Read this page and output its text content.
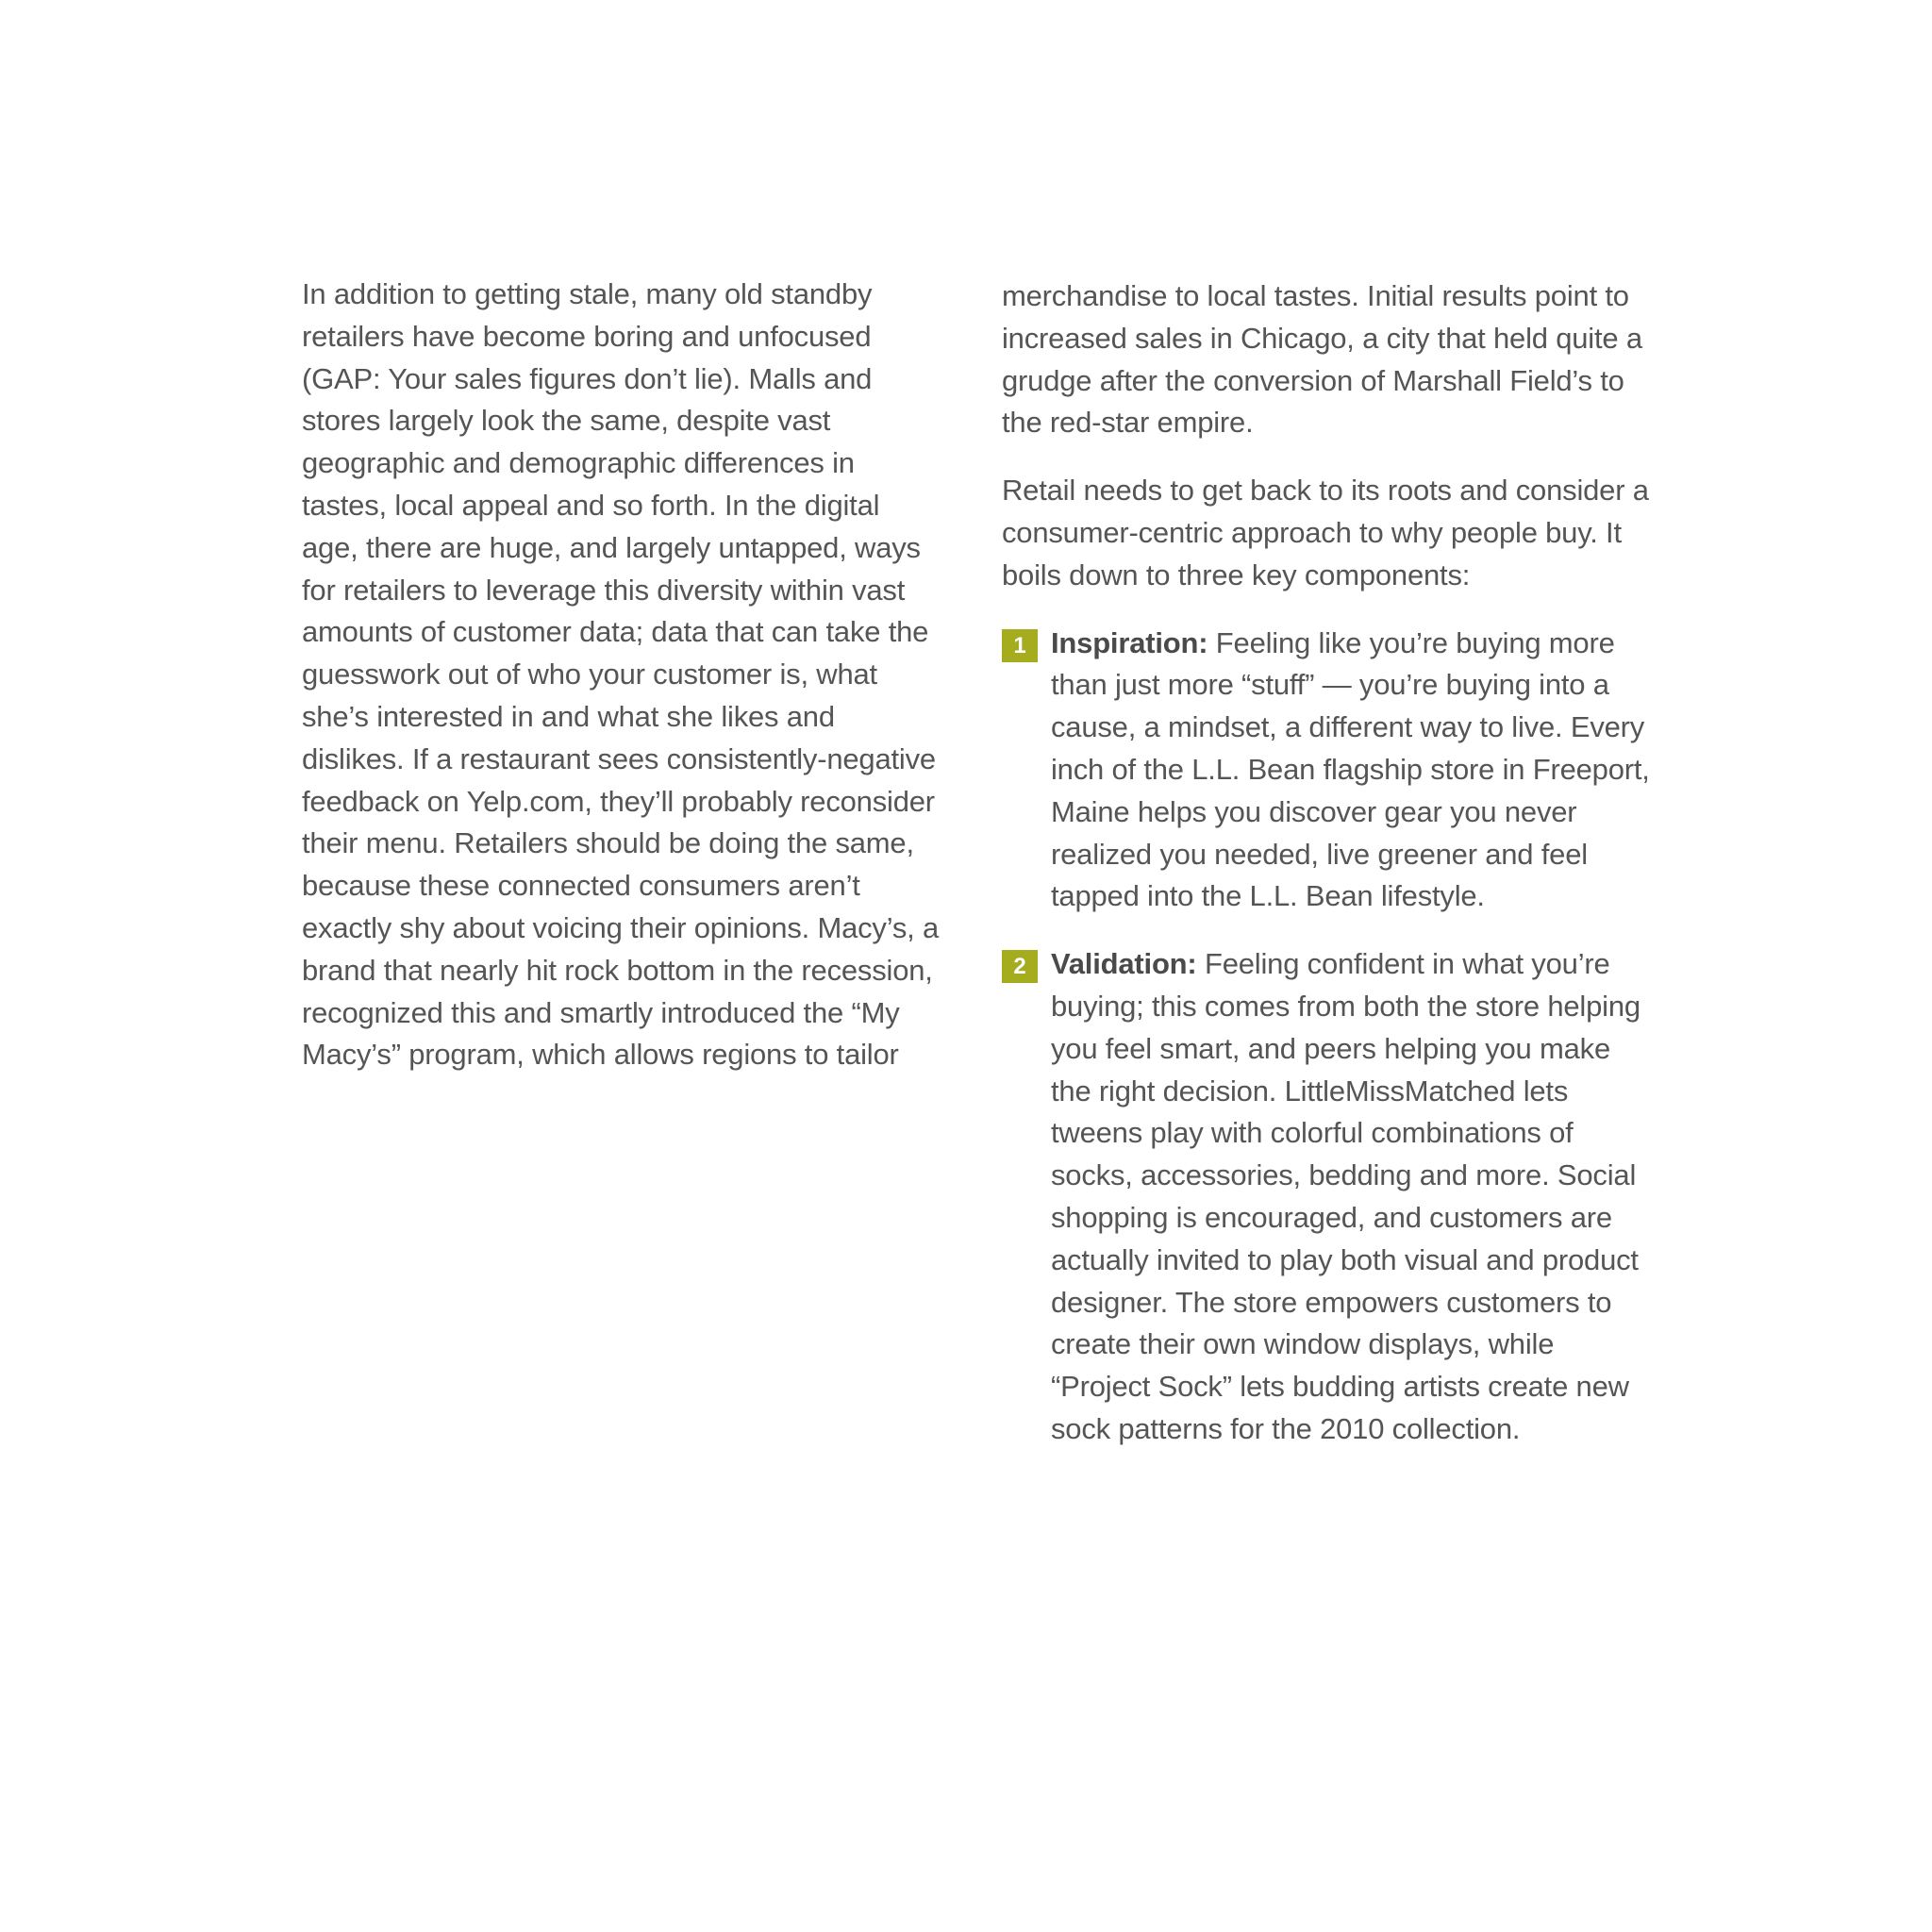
In addition to getting stale, many old standby retailers have become boring and unfocused (GAP: Your sales figures don’t lie). Malls and stores largely look the same, despite vast geographic and demographic differences in tastes, local appeal and so forth. In the digital age, there are huge, and largely untapped, ways for retailers to leverage this diversity within vast amounts of customer data; data that can take the guesswork out of who your customer is, what she’s interested in and what she likes and dislikes. If a restaurant sees consistently-negative feedback on Yelp.com, they’ll probably reconsider their menu. Retailers should be doing the same, because these connected consumers aren’t exactly shy about voicing their opinions. Macy’s, a brand that nearly hit rock bottom in the recession, recognized this and smartly introduced the “My Macy’s” program, which allows regions to tailor

merchandise to local tastes. Initial results point to increased sales in Chicago, a city that held quite a grudge after the conversion of Marshall Field’s to the red-star empire.

Retail needs to get back to its roots and consider a consumer-centric approach to why people buy. It boils down to three key components:

1 Inspiration: Feeling like you’re buying more than just more “stuff” — you’re buying into a cause, a mindset, a different way to live. Every inch of the L.L. Bean flagship store in Freeport, Maine helps you discover gear you never realized you needed, live greener and feel tapped into the L.L. Bean lifestyle.
2 Validation: Feeling confident in what you’re buying; this comes from both the store helping you feel smart, and peers helping you make the right decision. LittleMissMatched lets tweens play with colorful combinations of socks, accessories, bedding and more. Social shopping is encouraged, and customers are actually invited to play both visual and product designer. The store empowers customers to create their own window displays, while “Project Sock” lets budding artists create new sock patterns for the 2010 collection.
